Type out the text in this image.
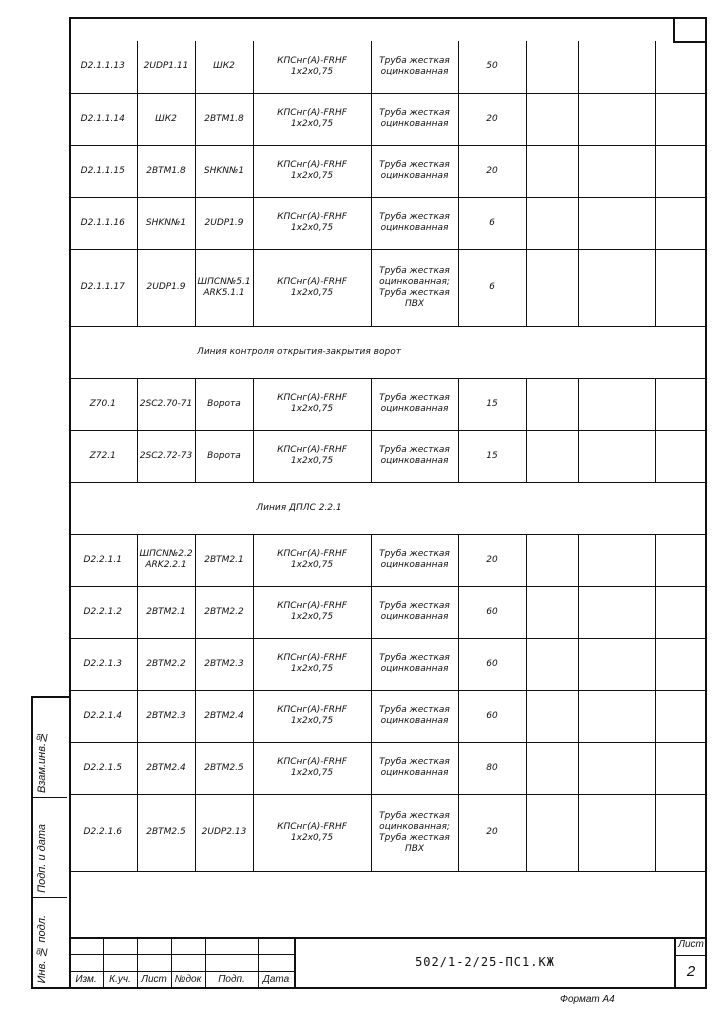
D2.1.1.13	2UDP1.11	ШК2	КПСнг(А)-FRHF 1х2х0,75	Труба жесткая оцинкованная	50			
D2.1.1.14	ШК2	2BTM1.8	КПСнг(А)-FRHF 1х2х0,75	Труба жесткая оцинкованная	20			
D2.1.1.15	2BTM1.8	SHKN№1	КПСнг(А)-FRHF 1х2х0,75	Труба жесткая оцинкованная	20			
D2.1.1.16	SHKN№1	2UDP1.9	КПСнг(А)-FRHF 1х2х0,75	Труба жесткая оцинкованная	6			
D2.1.1.17	2UDP1.9	ШПСN№5.1 ARK5.1.1	КПСнг(А)-FRHF 1х2х0,75	Труба жесткая оцинкованная; Труба жесткая ПВХ	6			
Линия контроля открытия-закрытия ворот								
Z70.1	2SC2.70-71	Ворота	КПСнг(А)-FRHF 1х2х0,75	Труба жесткая оцинкованная	15			
Z72.1	2SC2.72-73	Ворота	КПСнг(А)-FRHF 1х2х0,75	Труба жесткая оцинкованная	15			
Линия ДПЛС 2.2.1								
D2.2.1.1	ШПСN№2.2 ARK2.2.1	2BTM2.1	КПСнг(А)-FRHF 1х2х0,75	Труба жесткая оцинкованная	20			
D2.2.1.2	2BTM2.1	2BTM2.2	КПСнг(А)-FRHF 1х2х0,75	Труба жесткая оцинкованная	60			
D2.2.1.3	2BTM2.2	2BTM2.3	КПСнг(А)-FRHF 1х2х0,75	Труба жесткая оцинкованная	60			
D2.2.1.4	2BTM2.3	2BTM2.4	КПСнг(А)-FRHF 1х2х0,75	Труба жесткая оцинкованная	60			
D2.2.1.5	2BTM2.4	2BTM2.5	КПСнг(А)-FRHF 1х2х0,75	Труба жесткая оцинкованная	80			
D2.2.1.6	2BTM2.5	2UDP2.13	КПСнг(А)-FRHF 1х2х0,75	Труба жесткая оцинкованная; Труба жесткая ПВХ	20			
Взам.инв.№
Подп. и дата
Инв. № подл.	Изм.	К.уч.	Лист №док	Подп.	Дата
502/1-2/25-ПС1.КЖ
Лист
2
Формат А4
